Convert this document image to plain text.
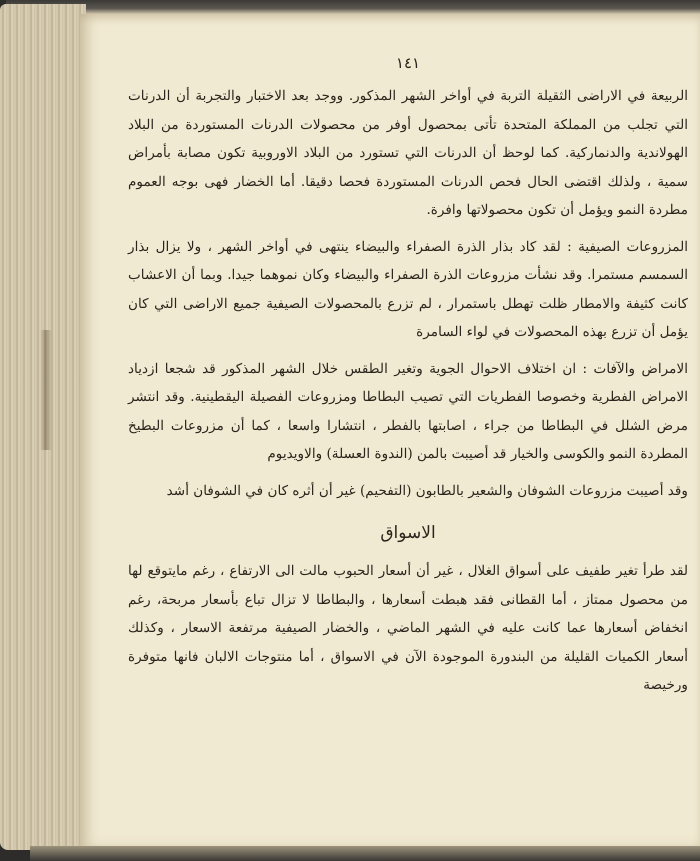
١٤١

الربيعة في الاراضى الثقيلة التربة في أواخر الشهر المذكور. ووجد بعد الاختبار والتجربة أن الدرنات التي تجلب من المملكة المتحدة تأتى بمحصول أوفر من محصولات الدرنات المستوردة من البلاد الهولاندية والدنماركية. كما لوحظ أن الدرنات التي تستورد من البلاد الاوروبية تكون مصابة بأمراض سمية ، ولذلك اقتضى الحال فحص الدرنات المستوردة فحصا دقيقا. أما الخضار فهى بوجه العموم مطردة النمو ويؤمل أن تكون محصولاتها وافرة.

المزروعات الصيفية : لقد كاد بذار الذرة الصفراء والبيضاء ينتهى في أواخر الشهر ، ولا يزال بذار السمسم مستمرا. وقد نشأت مزروعات الذرة الصفراء والبيضاء وكان نموهما جيدا. وبما أن الاعشاب كانت كثيفة والامطار ظلت تهطل باستمرار ، لم تزرع بالمحصولات الصيفية جميع الاراضى التي كان يؤمل أن تزرع بهذه المحصولات في لواء السامرة

الامراض والآفات : ان اختلاف الاحوال الجوية وتغير الطقس خلال الشهر المذكور قد شجعا ازدياد الامراض الفطرية وخصوصا الفطريات التي تصيب البطاطا ومزروعات الفصيلة اليقطينية. وقد انتشر مرض الشلل في البطاطا من جراء ، اصابتها بالفطر ، انتشارا واسعا ، كما أن مزروعات البطيخ المطردة النمو والكوسى والخيار قد أصيبت بالمن (الندوة العسلة) والاويديوم

وقد أصيبت مزروعات الشوفان والشعير بالطابون (التفحيم) غير أن أثره كان في الشوفان أشد

الاسواق

لقد طرأ تغير طفيف على أسواق الغلال ، غير أن أسعار الحبوب مالت الى الارتفاع ، رغم مايتوقع لها من محصول ممتاز ، أما القطانى فقد هبطت أسعارها ، والبطاطا لا تزال تباع بأسعار مربحة، رغم انخفاض أسعارها عما كانت عليه في الشهر الماضي ، والخضار الصيفية مرتفعة الاسعار ، وكذلك أسعار الكميات القليلة من البندورة الموجودة الآن في الاسواق ، أما منتوجات الالبان فانها متوفرة ورخيصة
